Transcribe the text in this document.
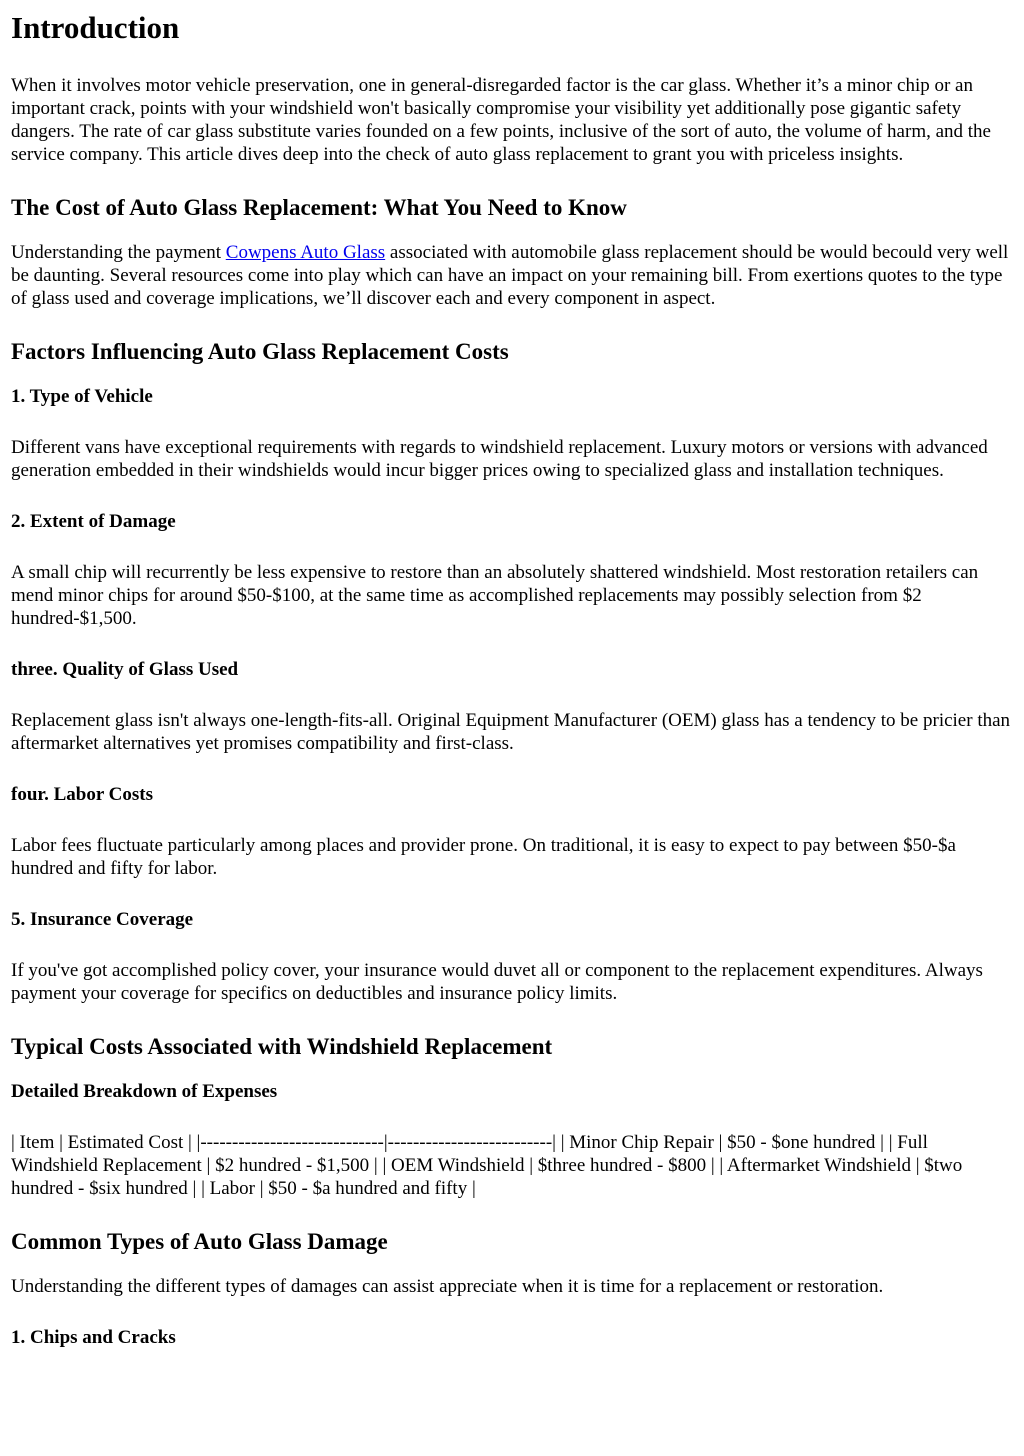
Introduction

When it involves motor vehicle preservation, one in general-disregarded factor is the car glass. Whether it’s a minor chip or an important crack, points with your windshield won't basically compromise your visibility yet additionally pose gigantic safety dangers. The rate of car glass substitute varies founded on a few points, inclusive of the sort of auto, the volume of harm, and the service company. This article dives deep into the check of auto glass replacement to grant you with priceless insights.

The Cost of Auto Glass Replacement: What You Need to Know

Understanding the payment Cowpens Auto Glass associated with automobile glass replacement should be would becould very well be daunting. Several resources come into play which can have an impact on your remaining bill. From exertions quotes to the type of glass used and coverage implications, we’ll discover each and every component in aspect.

Factors Influencing Auto Glass Replacement Costs
1. Type of Vehicle

Different vans have exceptional requirements with regards to windshield replacement. Luxury motors or versions with advanced generation embedded in their windshields would incur bigger prices owing to specialized glass and installation techniques.

2. Extent of Damage

A small chip will recurrently be less expensive to restore than an absolutely shattered windshield. Most restoration retailers can mend minor chips for around $50-$100, at the same time as accomplished replacements may possibly selection from $2 hundred-$1,500.

three. Quality of Glass Used

Replacement glass isn't always one-length-fits-all. Original Equipment Manufacturer (OEM) glass has a tendency to be pricier than aftermarket alternatives yet promises compatibility and first-class.

four. Labor Costs

Labor fees fluctuate particularly among places and provider prone. On traditional, it is easy to expect to pay between $50-$a hundred and fifty for labor.

5. Insurance Coverage

If you've got accomplished policy cover, your insurance would duvet all or component to the replacement expenditures. Always payment your coverage for specifics on deductibles and insurance policy limits.

Typical Costs Associated with Windshield Replacement
Detailed Breakdown of Expenses

| Item | Estimated Cost | |-----------------------------|--------------------------| | Minor Chip Repair | $50 - $one hundred | | Full Windshield Replacement | $2 hundred - $1,500 | | OEM Windshield | $three hundred - $800 | | Aftermarket Windshield | $two hundred - $six hundred | | Labor | $50 - $a hundred and fifty |

Common Types of Auto Glass Damage

Understanding the different types of damages can assist appreciate when it is time for a replacement or restoration.

1. Chips and Cracks
